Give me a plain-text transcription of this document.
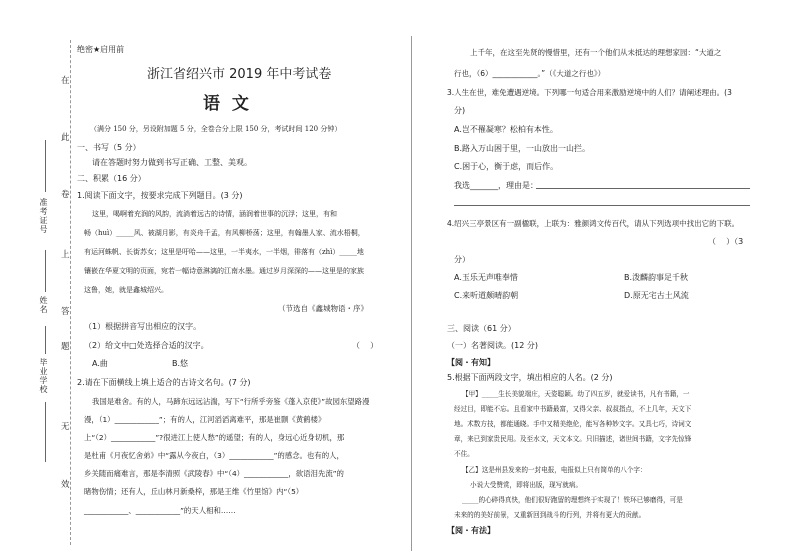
在
此
卷
上
答
题
无
效
准考证号
姓名
毕业学校
绝密★启用前
浙江省绍兴市 2019 年中考试卷
语  文
（满分 150 分，另设附加题 5 分，全卷合分上限 150 分，考试时间 120 分钟）
一、书写（5 分）
请在答题时努力做到书写正确、工整、美观。
二、积累（16 分）
1.阅读下面文字，按要求完成下列题目。(3 分)
这里，喝啊着充润的风韵，流淌着远古的诗情，涵润着世事的沉浮；这里，有和
畅（huì）_____风、被湖月影，有炎舟千孟，有风柳桥荡；这里，有翰墨人家、流水梧桐，
有运河蛛帆、长街苏女；这里是吁哈——这里，一半夷水，一半烟，徘落有（zhì）_____地
镶嵌在华夏文明的页面，宛若一幅诗意淋漓的江南水墨。通过岁月深深的——这里是的家族
这鲁，她，就是鑫城绍兴。
（节选自《鑫城物语・序》
（1）根据拼音写出相应的汉字。
（2）给文中□处选择合适的汉字。	（    ）
A.曲	B.悠
2.请在下面横线上填上适合的古诗文名句。(7 分)
我国是难舍。有的人，马蹄东远远沾湍，写下“行所乎旁鉴《蓬入京使》”故园东望路漫
漫，（1）____________”；有的人，江河滔滔离难平，那是崔颢《黄鹤楼》
上“（2）____________”?很进江上使人愁”的遥望；有的人，身远心近身切机，那
是杜甫《月夜忆舍弟》中“露从今夜白，（3）____________”的感念。也有的人，
乡关随而痛难言，那是李清照《武陵春》中“（4）____________，欲语泪先流”的
睹物伤情；还有人，丘山林月新桑梓，那是王维《竹里馆》内“（5）
____________、____________”的天人相和……
上千年，在这至先贤的慢惜里，还有一个他们从未抵达的理想家园：“大道之
行也，（6）____________。”（《大道之行也》）
3.人生在世，难免遭遇逆境。下列哪一句适合用来激励逆境中的人们？请阐述理由。(3
分)
A.岂不罹凝寒？松柏有本性。
B.路入万山困于里，一山放出一山拦。
C.困于心，衡于虑，而后作。
我选_______，理由是：
4.绍兴三亭景区有一副楹联，上联为：雅颜鸿文传百代，请从下列选项中找出它的下联。
（    ）（3
分）
A.玉乐无声唯奉惜	B.泼麟韵事足千秋
C.来听道颇晴韵朝	D.原无宅古土风流
三、阅读（61 分）
（一）名著阅读。(12 分)
【阅・有知】
5.根据下面两段文字，填出相应的人名。(2 分)
【甲】_____生长美貌端庄，天姿聪颖。幼了四五岁，就爱读书，凡有书籍，一
经过目，即能不忘。且看家中书籍最富，又得父亲、叔叔指点，不上几年，天文下
地。术数方技，都能通晓。手中又精美绝伦，能写各种妙文字。又具七巧，诗词文
章，来已到家贵民用。及至水文，天文本文。只旧描述，诸世间书籍，文字先惊锋
不住。
【乙】这是州县发来的一封电报，电报似上只有简单的八个字：
小说大受赞赏，即将出版，现写就病。
_____的心碎得真快，他们很好跑留的理想终于实现了！铁环已够磨得，可是
未来的的美好前景，又重新回到战斗的行列，并将有更大的贡献。
【阅・有法】
